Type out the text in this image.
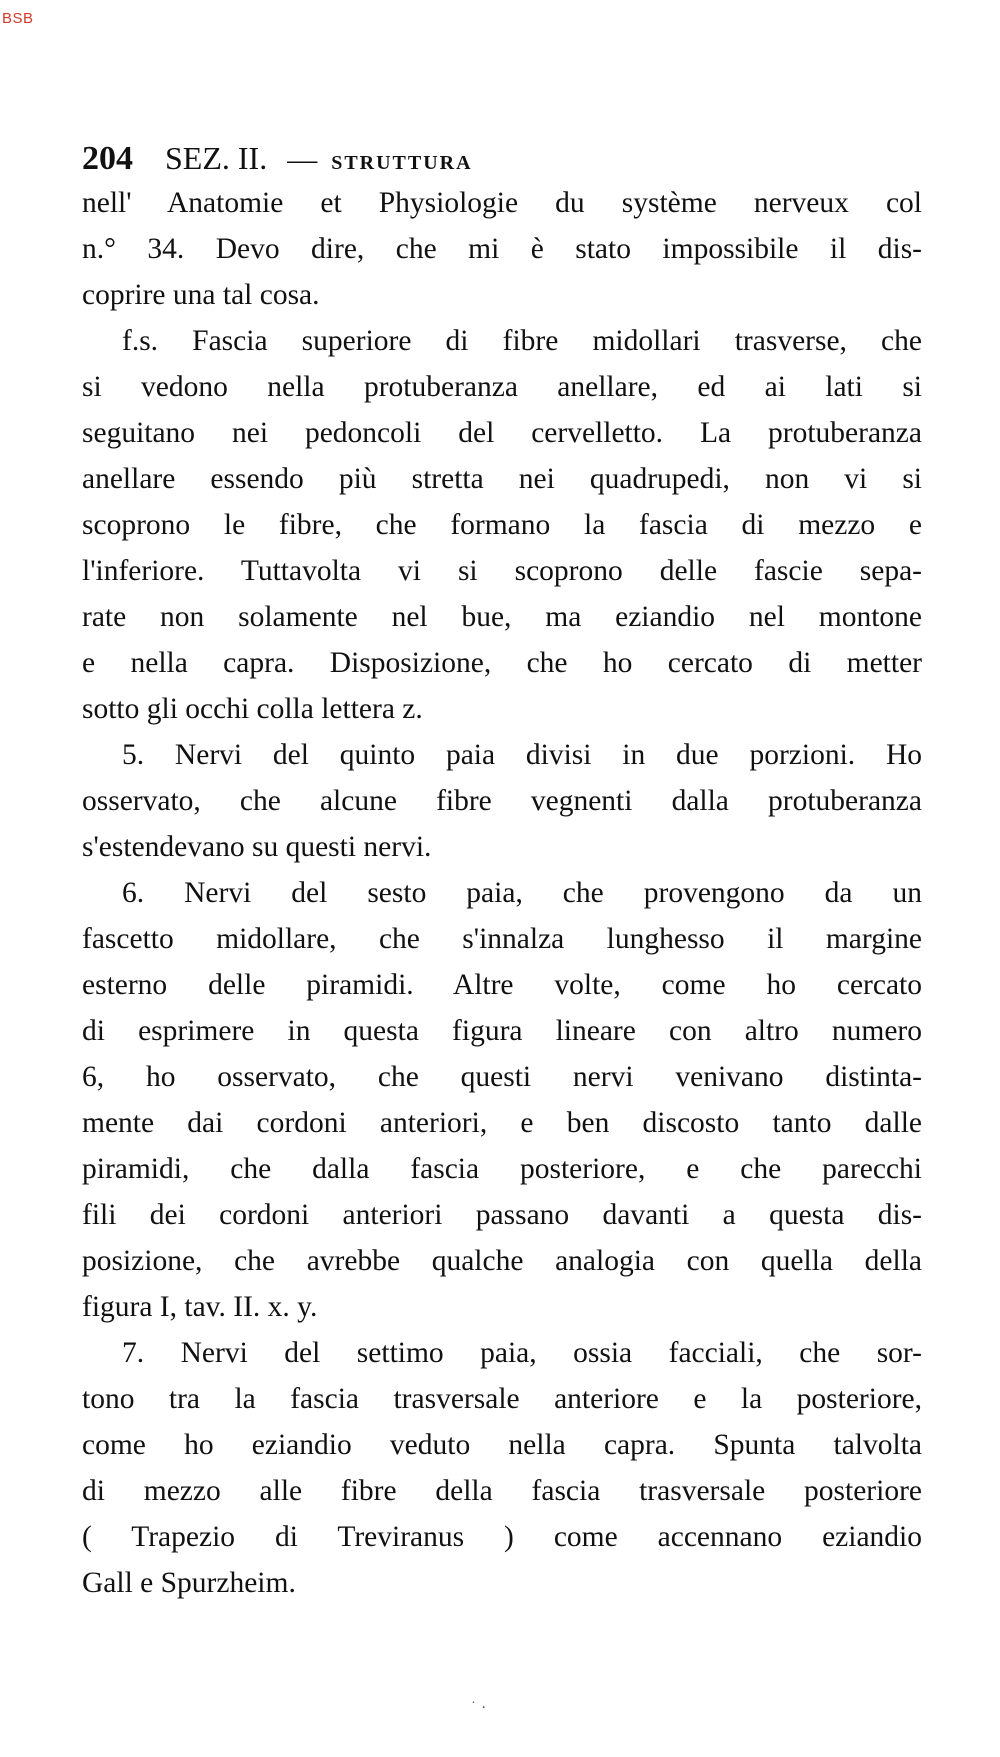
BSB
204 SEZ. II. — STRUTTURA
nell' Anatomie et Physiologie du système nerveux col
n.° 34. Devo dire, che mi è stato impossibile il dis-
coprire una tal cosa.
f.s. Fascia superiore di fibre midollari trasverse, che
si vedono nella protuberanza anellare, ed ai lati si
seguitano nei pedoncoli del cervelletto. La protuberanza
anellare essendo più stretta nei quadrupedi, non vi si
scoprono le fibre, che formano la fascia di mezzo e
l'inferiore. Tuttavolta vi si scoprono delle fascie sepa-
rate non solamente nel bue, ma eziandio nel montone
e nella capra. Disposizione, che ho cercato di metter
sotto gli occhi colla lettera z.
5. Nervi del quinto paia divisi in due porzioni. Ho
osservato, che alcune fibre vegnenti dalla protuberanza
s'estendevano su questi nervi.
6. Nervi del sesto paia, che provengono da un
fascetto midollare, che s'innalza lunghesso il margine
esterno delle piramidi. Altre volte, come ho cercato
di esprimere in questa figura lineare con altro numero
6, ho osservato, che questi nervi venivano distinta-
mente dai cordoni anteriori, e ben discosto tanto dalle
piramidi, che dalla fascia posteriore, e che parecchi
fili dei cordoni anteriori passano davanti a questa dis-
posizione, che avrebbe qualche analogia con quella della
figura I, tav. II. x. y.
7. Nervi del settimo paia, ossia facciali, che sor-
tono tra la fascia trasversale anteriore e la posteriore,
come ho eziandio veduto nella capra. Spunta talvolta
di mezzo alle fibre della fascia trasversale posteriore
( Trapezio di Treviranus ) come accennano eziandio
Gall e Spurzheim.
˙ ·
